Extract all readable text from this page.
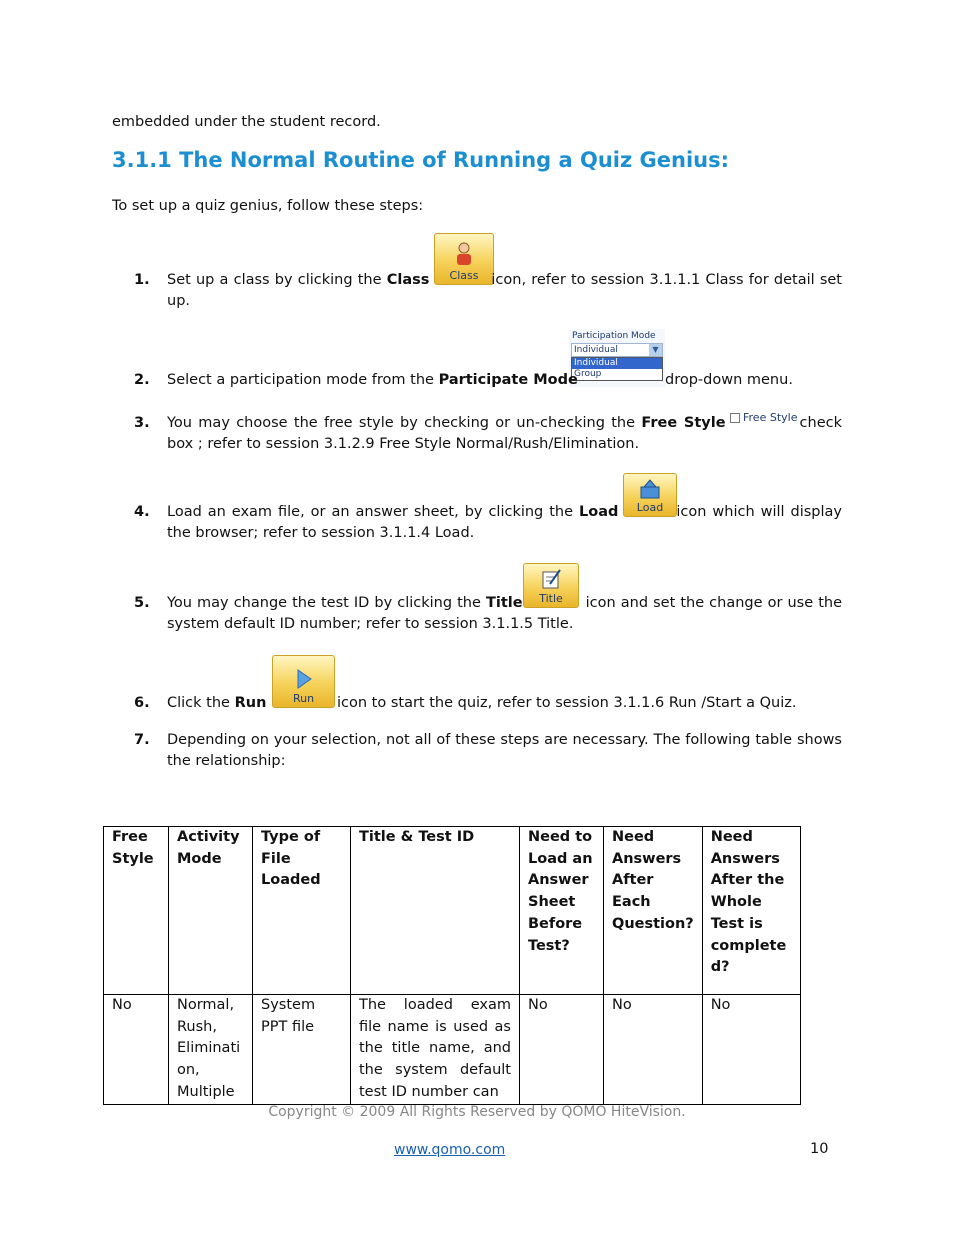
embedded under the student record.
3.1.1 The Normal Routine of Running a Quiz Genius:
To set up a quiz genius, follow these steps:
1.	Class
Set up a class by clicking the Class	icon, refer to session 3.1.1.1 Class for detail set up.
2.
Participation Mode
Individual	▼
Individual
Group
Select a participation mode from the Participate Mode	drop-down menu.
3.	Free Style
You may choose the free style by checking or un-checking the Free Style	check box ; refer to session 3.1.2.9 Free Style Normal/Rush/Elimination.
4.	Load
Load an exam file, or an answer sheet, by clicking the Load	icon which will display the browser; refer to session 3.1.1.4 Load.
5.	Title
You may change the test ID by clicking the Title	icon and set the change or use the system default ID number; refer to session 3.1.1.5 Title.
6.	Run
Click the Run	icon to start the quiz, refer to session 3.1.1.6 Run /Start a Quiz.
7. Depending on your selection, not all of these steps are necessary. The following table shows the relationship:
Free Style	Activity Mode	Type of File Loaded	Title & Test ID	Need to Load an Answer Sheet Before Test?	Need Answers After Each Question?	Need Answers After the Whole Test is complete d?
No	Normal, Rush, Eliminati on, Multiple	System PPT file	The loaded exam file name is used as the title name, and the system default test ID number can	No	No	No
Copyright © 2009 All Rights Reserved by QOMO HiteVision.
www.qomo.com	10
